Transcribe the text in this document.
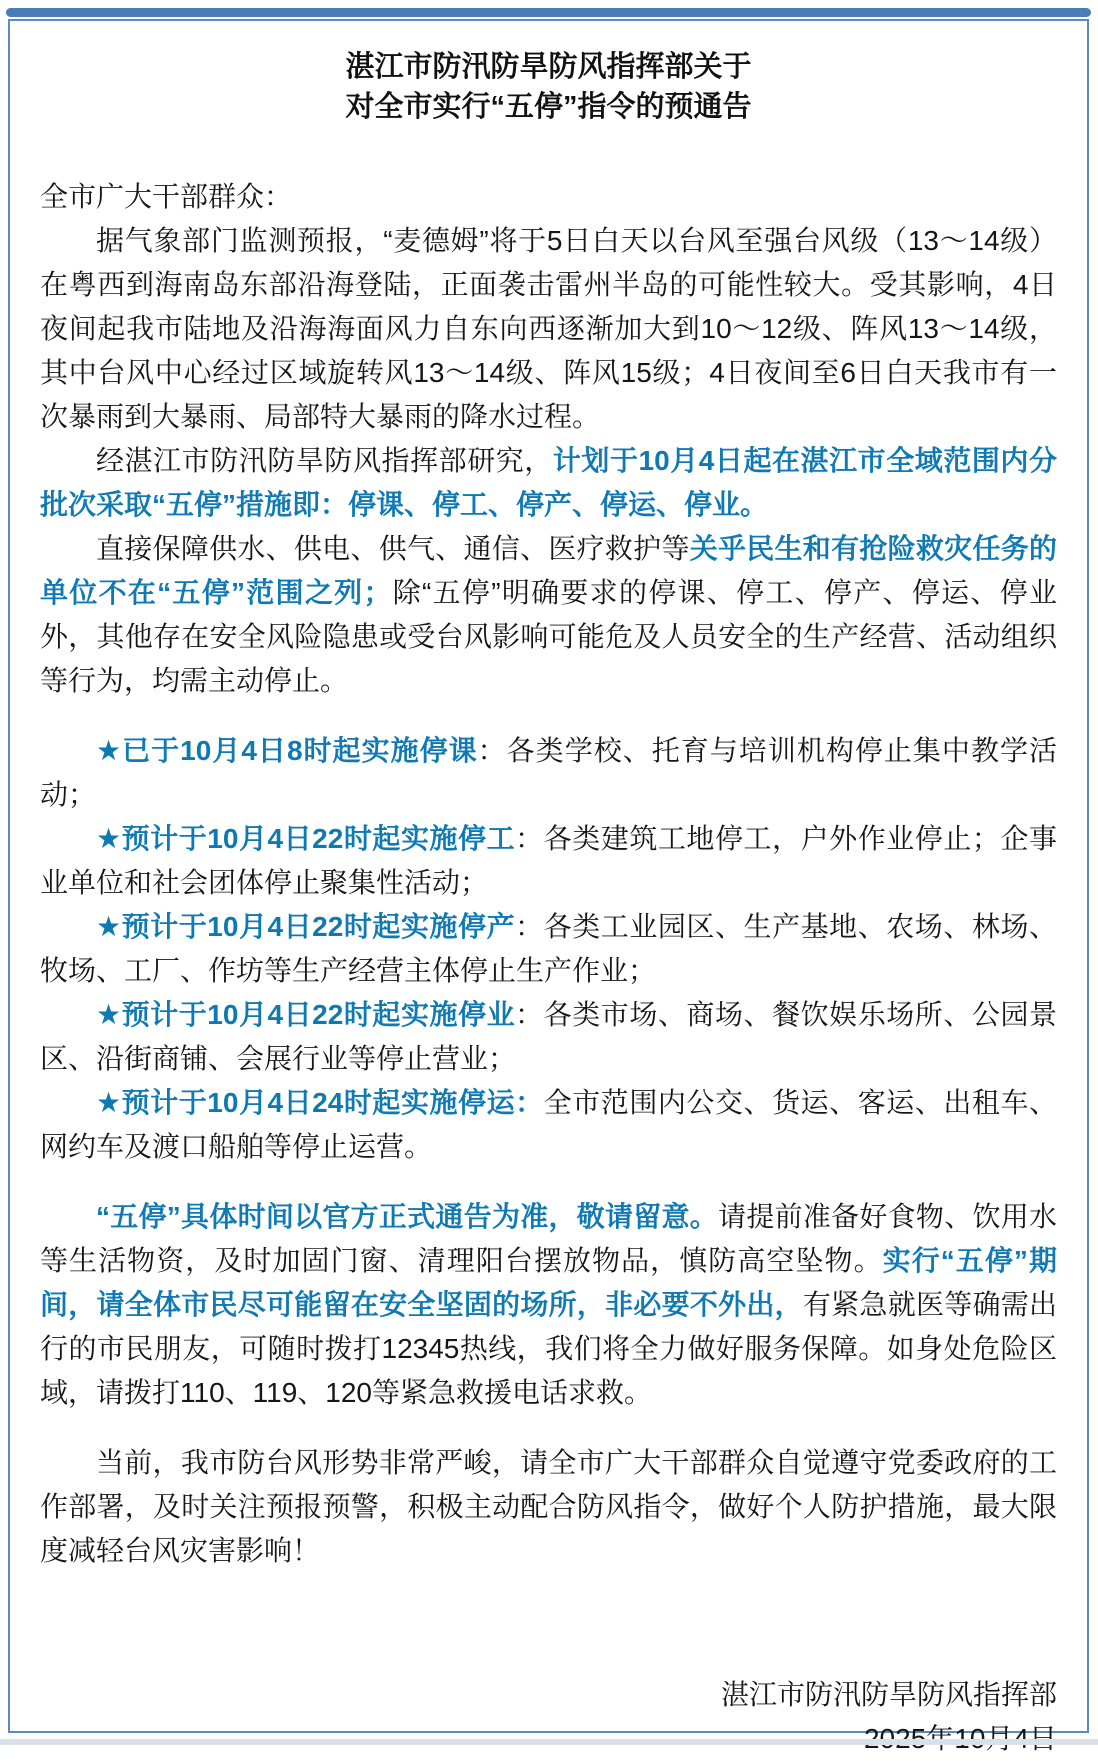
湛江市防汛防旱防风指挥部关于
对全市实行“五停”指令的预通告
全市广大干部群众：
据气象部门监测预报，“麦德姆”将于5日白天以台风至强台风级（13～14级）在粤西到海南岛东部沿海登陆，正面袭击雷州半岛的可能性较大。受其影响，4日夜间起我市陆地及沿海海面风力自东向西逐渐加大到10～12级、阵风13～14级，其中台风中心经过区域旋转风13～14级、阵风15级；4日夜间至6日白天我市有一次暴雨到大暴雨、局部特大暴雨的降水过程。
经湛江市防汛防旱防风指挥部研究，计划于10月4日起在湛江市全域范围内分批次采取“五停”措施即：停课、停工、停产、停运、停业。
直接保障供水、供电、供气、通信、医疗救护等关乎民生和有抢险救灾任务的单位不在“五停”范围之列；除“五停”明确要求的停课、停工、停产、停运、停业外，其他存在安全风险隐患或受台风影响可能危及人员安全的生产经营、活动组织等行为，均需主动停止。
★已于10月4日8时起实施停课：各类学校、托育与培训机构停止集中教学活动；
★预计于10月4日22时起实施停工：各类建筑工地停工，户外作业停止；企事业单位和社会团体停止聚集性活动；
★预计于10月4日22时起实施停产：各类工业园区、生产基地、农场、林场、牧场、工厂、作坊等生产经营主体停止生产作业；
★预计于10月4日22时起实施停业：各类市场、商场、餐饮娱乐场所、公园景区、沿街商铺、会展行业等停止营业；
★预计于10月4日24时起实施停运：全市范围内公交、货运、客运、出租车、网约车及渡口船舶等停止运营。
“五停”具体时间以官方正式通告为准，敬请留意。请提前准备好食物、饮用水等生活物资，及时加固门窗、清理阳台摆放物品，慎防高空坠物。实行“五停”期间，请全体市民尽可能留在安全坚固的场所，非必要不外出，有紧急就医等确需出行的市民朋友，可随时拨打12345热线，我们将全力做好服务保障。如身处危险区域，请拨打110、119、120等紧急救援电话求救。
当前，我市防台风形势非常严峻，请全市广大干部群众自觉遵守党委政府的工作部署，及时关注预报预警，积极主动配合防风指令，做好个人防护措施，最大限度减轻台风灾害影响！
湛江市防汛防旱防风指挥部
